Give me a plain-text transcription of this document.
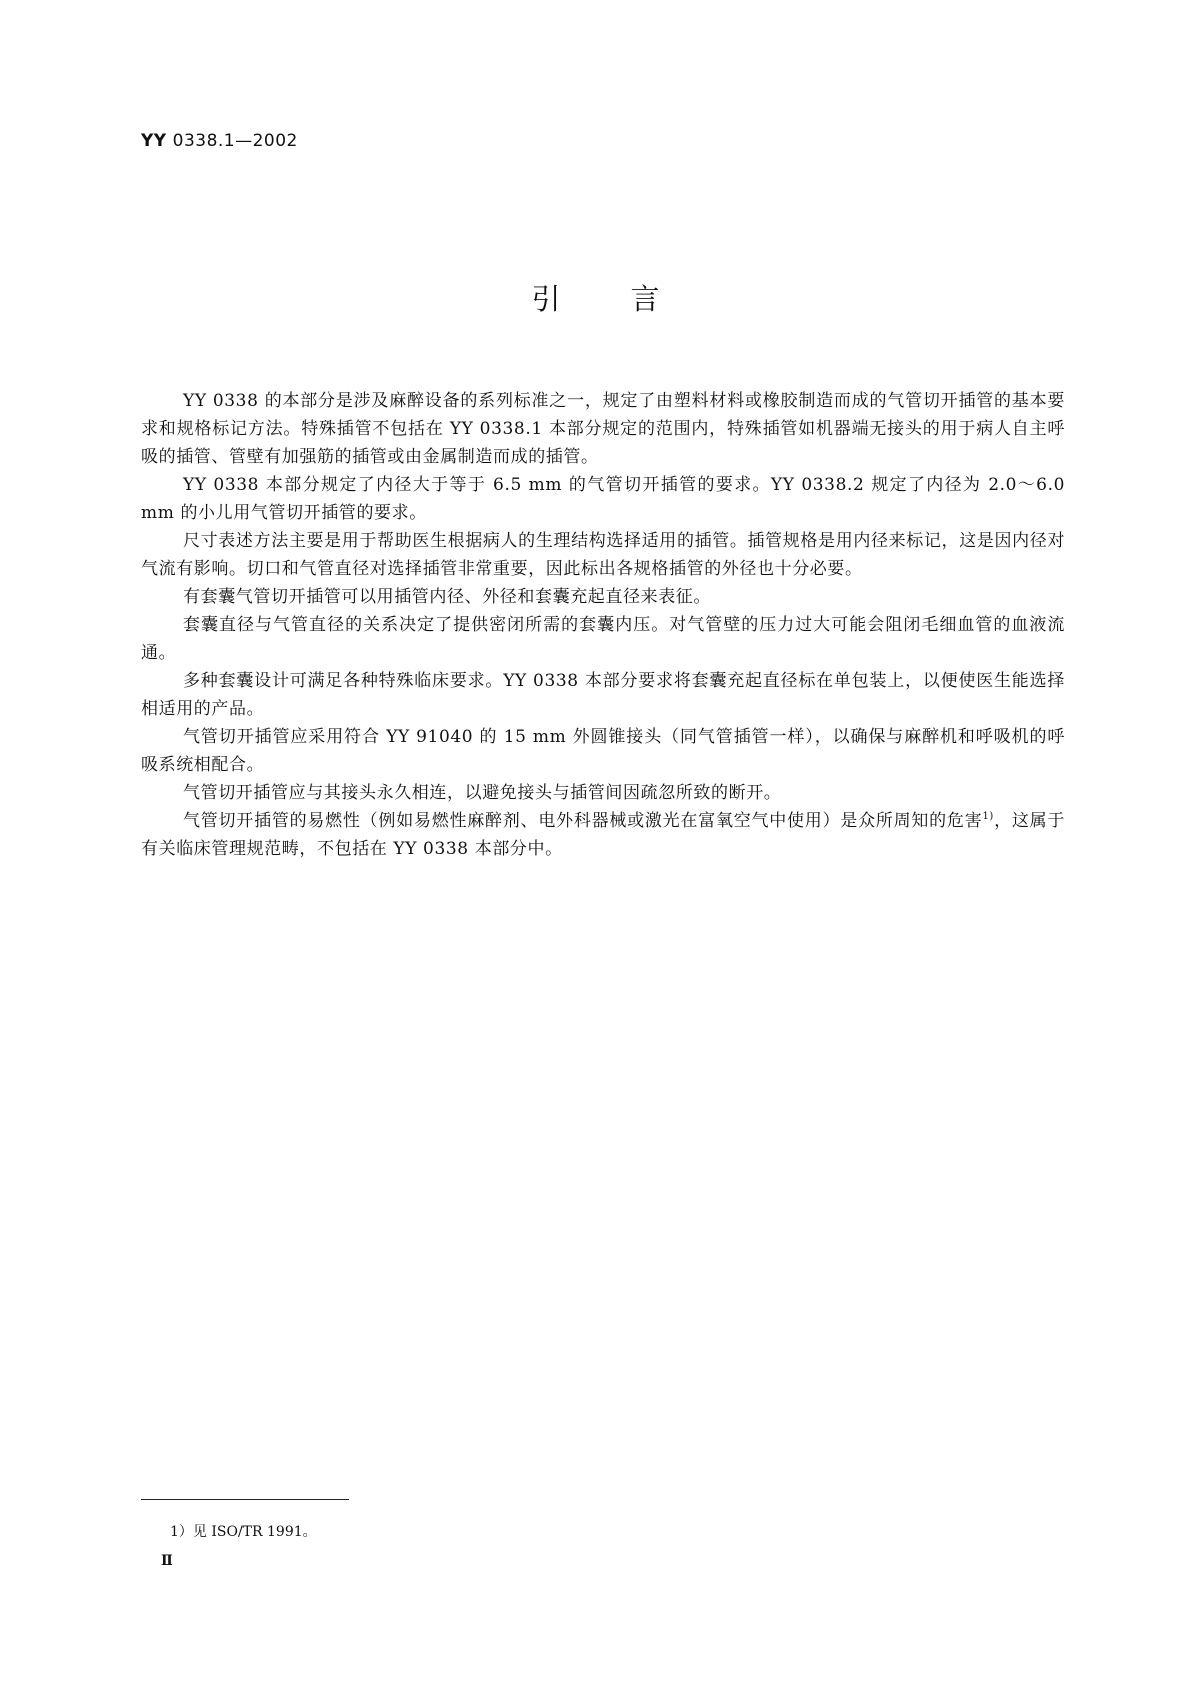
YY 0338.1—2002
引言

YY 0338 的本部分是涉及麻醉设备的系列标准之一，规定了由塑料材料或橡胶制造而成的气管切开插管的基本要求和规格标记方法。特殊插管不包括在 YY 0338.1 本部分规定的范围内，特殊插管如机器端无接头的用于病人自主呼吸的插管、管壁有加强筋的插管或由金属制造而成的插管。

YY 0338 本部分规定了内径大于等于 6.5 mm 的气管切开插管的要求。YY 0338.2 规定了内径为 2.0～6.0 mm 的小儿用气管切开插管的要求。

尺寸表述方法主要是用于帮助医生根据病人的生理结构选择适用的插管。插管规格是用内径来标记，这是因内径对气流有影响。切口和气管直径对选择插管非常重要，因此标出各规格插管的外径也十分必要。

有套囊气管切开插管可以用插管内径、外径和套囊充起直径来表征。

套囊直径与气管直径的关系决定了提供密闭所需的套囊内压。对气管壁的压力过大可能会阻闭毛细血管的血液流通。

多种套囊设计可满足各种特殊临床要求。YY 0338 本部分要求将套囊充起直径标在单包装上，以便使医生能选择相适用的产品。

气管切开插管应采用符合 YY 91040 的 15 mm 外圆锥接头（同气管插管一样），以确保与麻醉机和呼吸机的呼吸系统相配合。

气管切开插管应与其接头永久相连，以避免接头与插管间因疏忽所致的断开。

气管切开插管的易燃性（例如易燃性麻醉剂、电外科器械或激光在富氧空气中使用）是众所周知的危害$^{1)}$，这属于有关临床管理规范畴，不包括在 YY 0338 本部分中。

1）见 ISO/TR 1991。
Ⅱ
